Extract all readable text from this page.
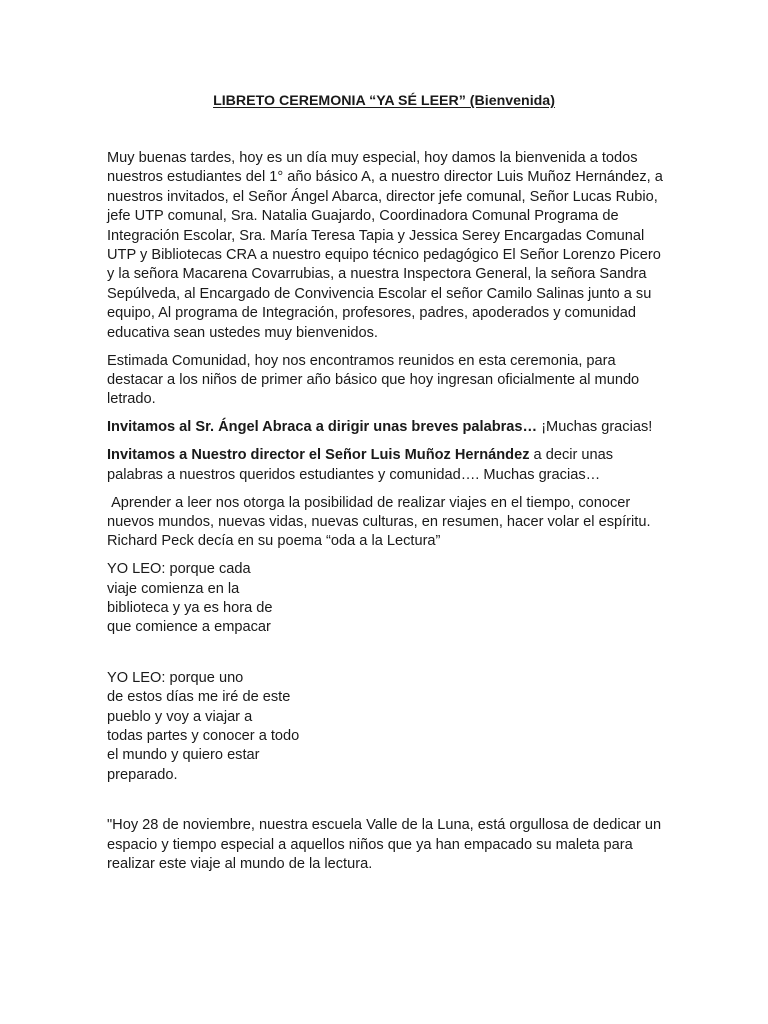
LIBRETO CEREMONIA “YA SÉ LEER” (Bienvenida)

Muy buenas tardes, hoy es un día muy especial, hoy damos la bienvenida a todos nuestros estudiantes del 1° año básico A, a nuestro director Luis Muñoz Hernández, a nuestros invitados, el Señor Ángel Abarca, director jefe comunal, Señor Lucas Rubio, jefe UTP comunal, Sra. Natalia Guajardo, Coordinadora Comunal Programa de Integración Escolar, Sra. María Teresa Tapia y Jessica Serey Encargadas Comunal UTP y Bibliotecas CRA a nuestro equipo técnico pedagógico El Señor Lorenzo Picero y la señora Macarena Covarrubias, a nuestra Inspectora General, la señora Sandra Sepúlveda, al Encargado de Convivencia Escolar el señor Camilo Salinas junto a su equipo, Al programa de Integración, profesores, padres, apoderados y comunidad educativa sean ustedes muy bienvenidos.

Estimada Comunidad, hoy nos encontramos reunidos en esta ceremonia, para destacar a los niños de primer año básico que hoy ingresan oficialmente al mundo letrado.

Invitamos al Sr. Ángel Abraca a dirigir unas breves palabras… ¡Muchas gracias!

Invitamos a Nuestro director el Señor Luis Muñoz Hernández a decir unas palabras a nuestros queridos estudiantes y comunidad…. Muchas gracias…

Aprender a leer nos otorga la posibilidad de realizar viajes en el tiempo, conocer nuevos mundos, nuevas vidas, nuevas culturas, en resumen, hacer volar el espíritu. Richard Peck decía en su poema “oda a la Lectura”

YO LEO: porque cada
viaje comienza en la
biblioteca y ya es hora de
que comience a empacar

YO LEO: porque uno
de estos días me iré de este
pueblo y voy a viajar a
todas partes y conocer a todo
el mundo y quiero estar
preparado.

"Hoy 28 de noviembre, nuestra escuela Valle de la Luna, está orgullosa de dedicar un espacio y tiempo especial a aquellos niños que ya han empacado su maleta para realizar este viaje al mundo de la lectura.
